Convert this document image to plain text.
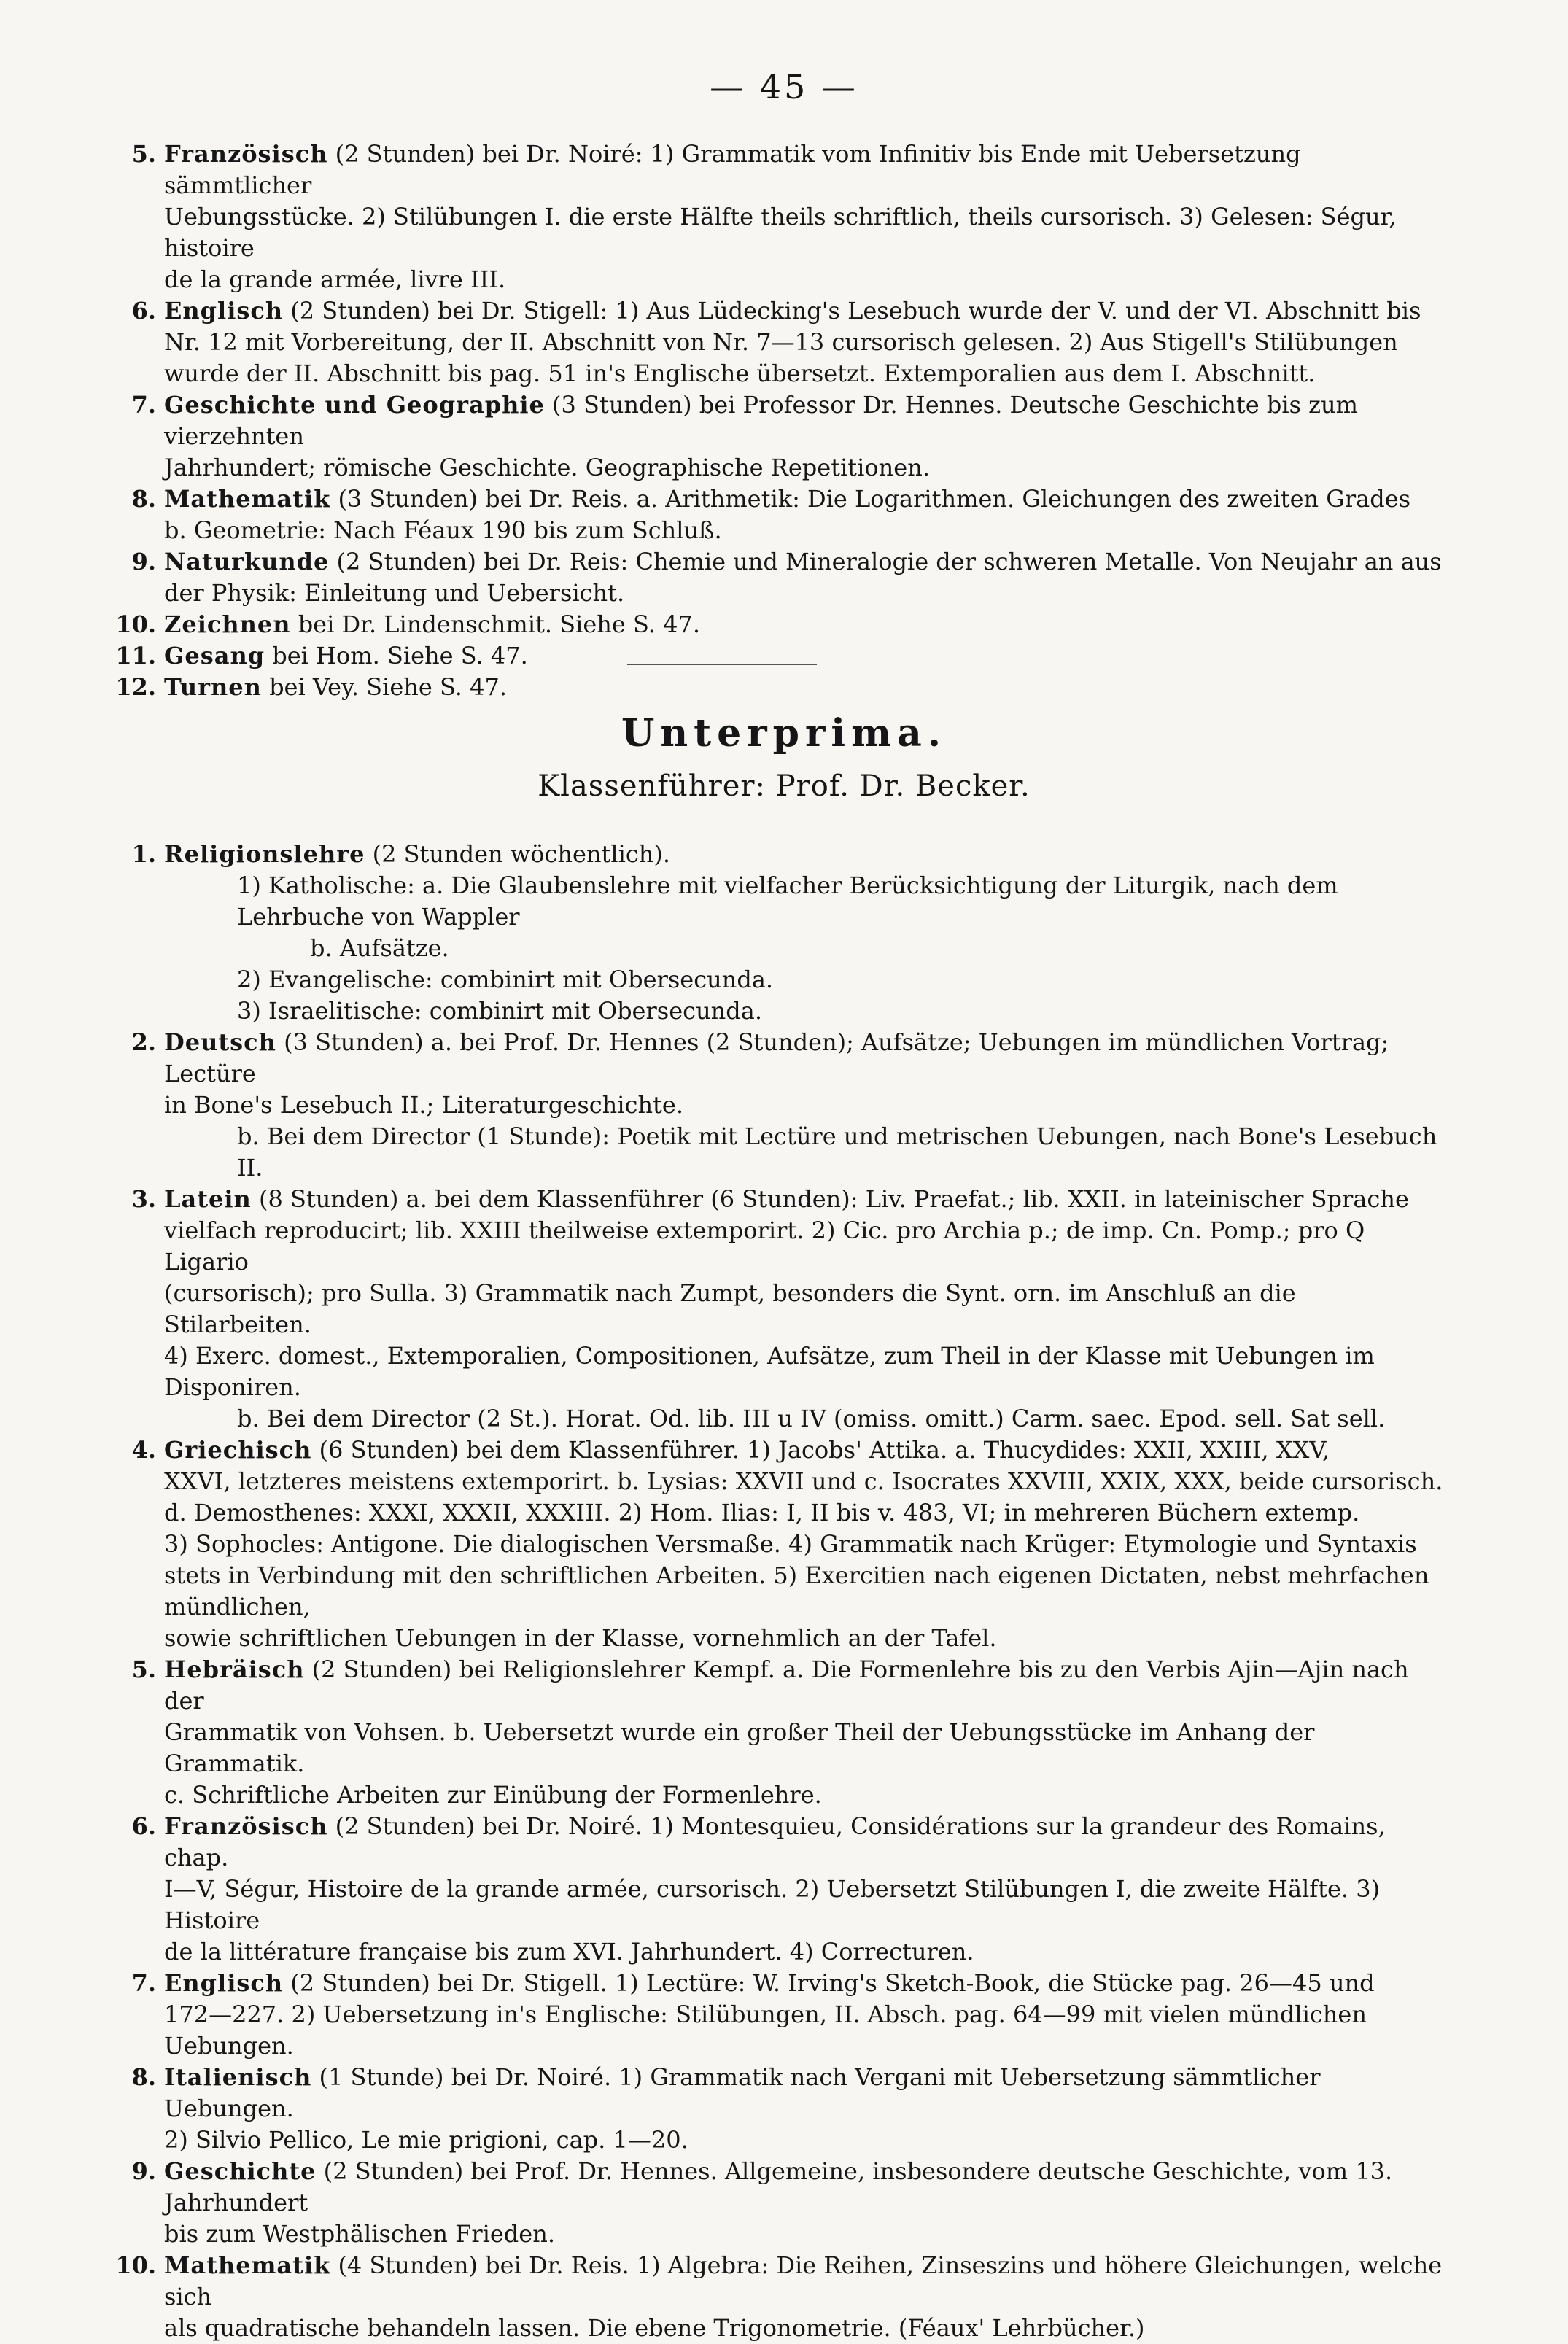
— 45 —
5. Französisch (2 Stunden) bei Dr. Noiré: 1) Grammatik vom Infinitiv bis Ende mit Uebersetzung sämmtlicher
Uebungsstücke. 2) Stilübungen I. die erste Hälfte theils schriftlich, theils cursorisch. 3) Gelesen: Ségur, histoire
de la grande armée, livre III.
6. Englisch (2 Stunden) bei Dr. Stigell: 1) Aus Lüdecking's Lesebuch wurde der V. und der VI. Abschnitt bis
Nr. 12 mit Vorbereitung, der II. Abschnitt von Nr. 7—13 cursorisch gelesen. 2) Aus Stigell's Stilübungen
wurde der II. Abschnitt bis pag. 51 in's Englische übersetzt. Extemporalien aus dem I. Abschnitt.
7. Geschichte und Geographie (3 Stunden) bei Professor Dr. Hennes. Deutsche Geschichte bis zum vierzehnten
Jahrhundert; römische Geschichte. Geographische Repetitionen.
8. Mathematik (3 Stunden) bei Dr. Reis. a. Arithmetik: Die Logarithmen. Gleichungen des zweiten Grades
b. Geometrie: Nach Féaux 190 bis zum Schluß.
9. Naturkunde (2 Stunden) bei Dr. Reis: Chemie und Mineralogie der schweren Metalle. Von Neujahr an aus
der Physik: Einleitung und Uebersicht.
10. Zeichnen bei Dr. Lindenschmit. Siehe S. 47.
11. Gesang bei Hom. Siehe S. 47.
12. Turnen bei Vey. Siehe S. 47.
Unterprima.
Klassenführer: Prof. Dr. Becker.
1. Religionslehre (2 Stunden wöchentlich).
1) Katholische: a. Die Glaubenslehre mit vielfacher Berücksichtigung der Liturgik, nach dem Lehrbuche von Wappler
b. Aufsätze.
2) Evangelische: combinirt mit Obersecunda.
3) Israelitische: combinirt mit Obersecunda.
2. Deutsch (3 Stunden) a. bei Prof. Dr. Hennes (2 Stunden); Aufsätze; Uebungen im mündlichen Vortrag; Lectüre
in Bone's Lesebuch II.; Literaturgeschichte.
b. Bei dem Director (1 Stunde): Poetik mit Lectüre und metrischen Uebungen, nach Bone's Lesebuch II.
3. Latein (8 Stunden) a. bei dem Klassenführer (6 Stunden): Liv. Praefat.; lib. XXII. in lateinischer Sprache
vielfach reproducirt; lib. XXIII theilweise extemporirt. 2) Cic. pro Archia p.; de imp. Cn. Pomp.; pro Q Ligario
(cursorisch); pro Sulla. 3) Grammatik nach Zumpt, besonders die Synt. orn. im Anschluß an die Stilarbeiten.
4) Exerc. domest., Extemporalien, Compositionen, Aufsätze, zum Theil in der Klasse mit Uebungen im Disponiren.
b. Bei dem Director (2 St.). Horat. Od. lib. III u IV (omiss. omitt.) Carm. saec. Epod. sell. Sat sell.
4. Griechisch (6 Stunden) bei dem Klassenführer. 1) Jacobs' Attika. a. Thucydides: XXII, XXIII, XXV,
XXVI, letzteres meistens extemporirt. b. Lysias: XXVII und c. Isocrates XXVIII, XXIX, XXX, beide cursorisch.
d. Demosthenes: XXXI, XXXII, XXXIII. 2) Hom. Ilias: I, II bis v. 483, VI; in mehreren Büchern extemp.
3) Sophocles: Antigone. Die dialogischen Versmaße. 4) Grammatik nach Krüger: Etymologie und Syntaxis
stets in Verbindung mit den schriftlichen Arbeiten. 5) Exercitien nach eigenen Dictaten, nebst mehrfachen mündlichen,
sowie schriftlichen Uebungen in der Klasse, vornehmlich an der Tafel.
5. Hebräisch (2 Stunden) bei Religionslehrer Kempf. a. Die Formenlehre bis zu den Verbis Ajin—Ajin nach der
Grammatik von Vohsen. b. Uebersetzt wurde ein großer Theil der Uebungsstücke im Anhang der Grammatik.
c. Schriftliche Arbeiten zur Einübung der Formenlehre.
6. Französisch (2 Stunden) bei Dr. Noiré. 1) Montesquieu, Considérations sur la grandeur des Romains, chap.
I—V, Ségur, Histoire de la grande armée, cursorisch. 2) Uebersetzt Stilübungen I, die zweite Hälfte. 3) Histoire
de la littérature française bis zum XVI. Jahrhundert. 4) Correcturen.
7. Englisch (2 Stunden) bei Dr. Stigell. 1) Lectüre: W. Irving's Sketch-Book, die Stücke pag. 26—45 und
172—227. 2) Uebersetzung in's Englische: Stilübungen, II. Absch. pag. 64—99 mit vielen mündlichen Uebungen.
8. Italienisch (1 Stunde) bei Dr. Noiré. 1) Grammatik nach Vergani mit Uebersetzung sämmtlicher Uebungen.
2) Silvio Pellico, Le mie prigioni, cap. 1—20.
9. Geschichte (2 Stunden) bei Prof. Dr. Hennes. Allgemeine, insbesondere deutsche Geschichte, vom 13. Jahrhundert
bis zum Westphälischen Frieden.
10. Mathematik (4 Stunden) bei Dr. Reis. 1) Algebra: Die Reihen, Zinseszins und höhere Gleichungen, welche sich
als quadratische behandeln lassen. Die ebene Trigonometrie. (Féaux' Lehrbücher.)
